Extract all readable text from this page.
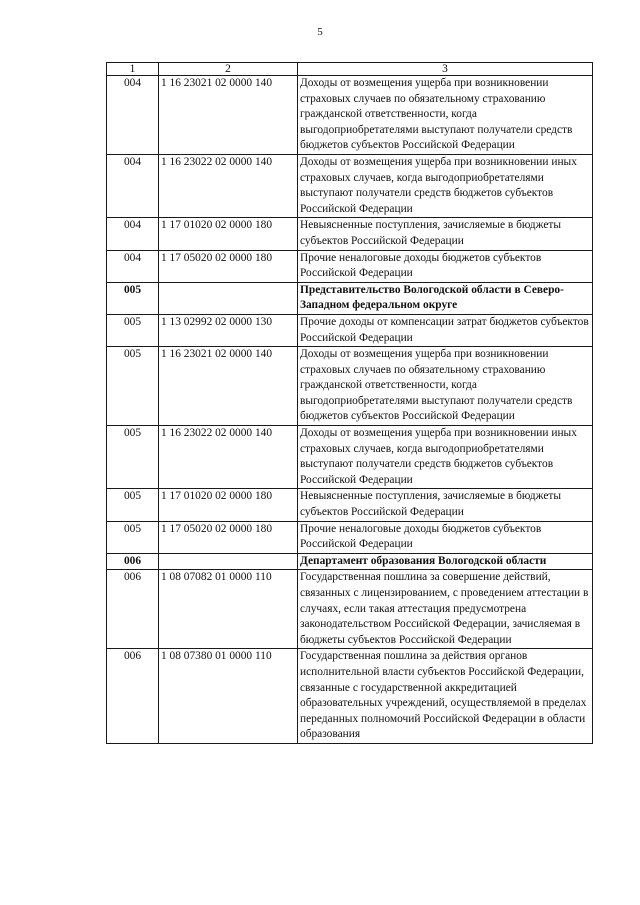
5
1	2	3
004	1 16 23021 02 0000 140	Доходы от возмещения ущерба при возникновении страховых случаев по обязательному страхованию гражданской ответственности, когда выгодоприобретателями выступают получатели средств бюджетов субъектов Российской Федерации
004	1 16 23022 02 0000 140	Доходы от возмещения ущерба при возникновении иных страховых случаев, когда выгодоприобретателями выступают получатели средств бюджетов субъектов Российской Федерации
004	1 17 01020 02 0000 180	Невыясненные поступления, зачисляемые в бюджеты субъектов Российской Федерации
004	1 17 05020 02 0000 180	Прочие неналоговые доходы бюджетов субъектов Российской Федерации
005		Представительство Вологодской области в Северо-Западном федеральном округе
005	1 13 02992 02 0000 130	Прочие доходы от компенсации затрат бюджетов субъектов Российской Федерации
005	1 16 23021 02 0000 140	Доходы от возмещения ущерба при возникновении страховых случаев по обязательному страхованию гражданской ответственности, когда выгодоприобретателями выступают получатели средств бюджетов субъектов Российской Федерации
005	1 16 23022 02 0000 140	Доходы от возмещения ущерба при возникновении иных страховых случаев, когда выгодоприобретателями выступают получатели средств бюджетов субъектов Российской Федерации
005	1 17 01020 02 0000 180	Невыясненные поступления, зачисляемые в бюджеты субъектов Российской Федерации
005	1 17 05020 02 0000 180	Прочие неналоговые доходы бюджетов субъектов Российской Федерации
006		Департамент образования Вологодской области
006	1 08 07082 01 0000 110	Государственная пошлина за совершение действий, связанных с лицензированием, с проведением аттестации в случаях, если такая аттестация предусмотрена законодательством Российской Федерации, зачисляемая в бюджеты субъектов Российской Федерации
006	1 08 07380 01 0000 110	Государственная пошлина за действия органов исполнительной власти субъектов Российской Федерации, связанные с государственной аккредитацией образовательных учреждений, осуществляемой в пределах переданных полномочий Российской Федерации в области образования
